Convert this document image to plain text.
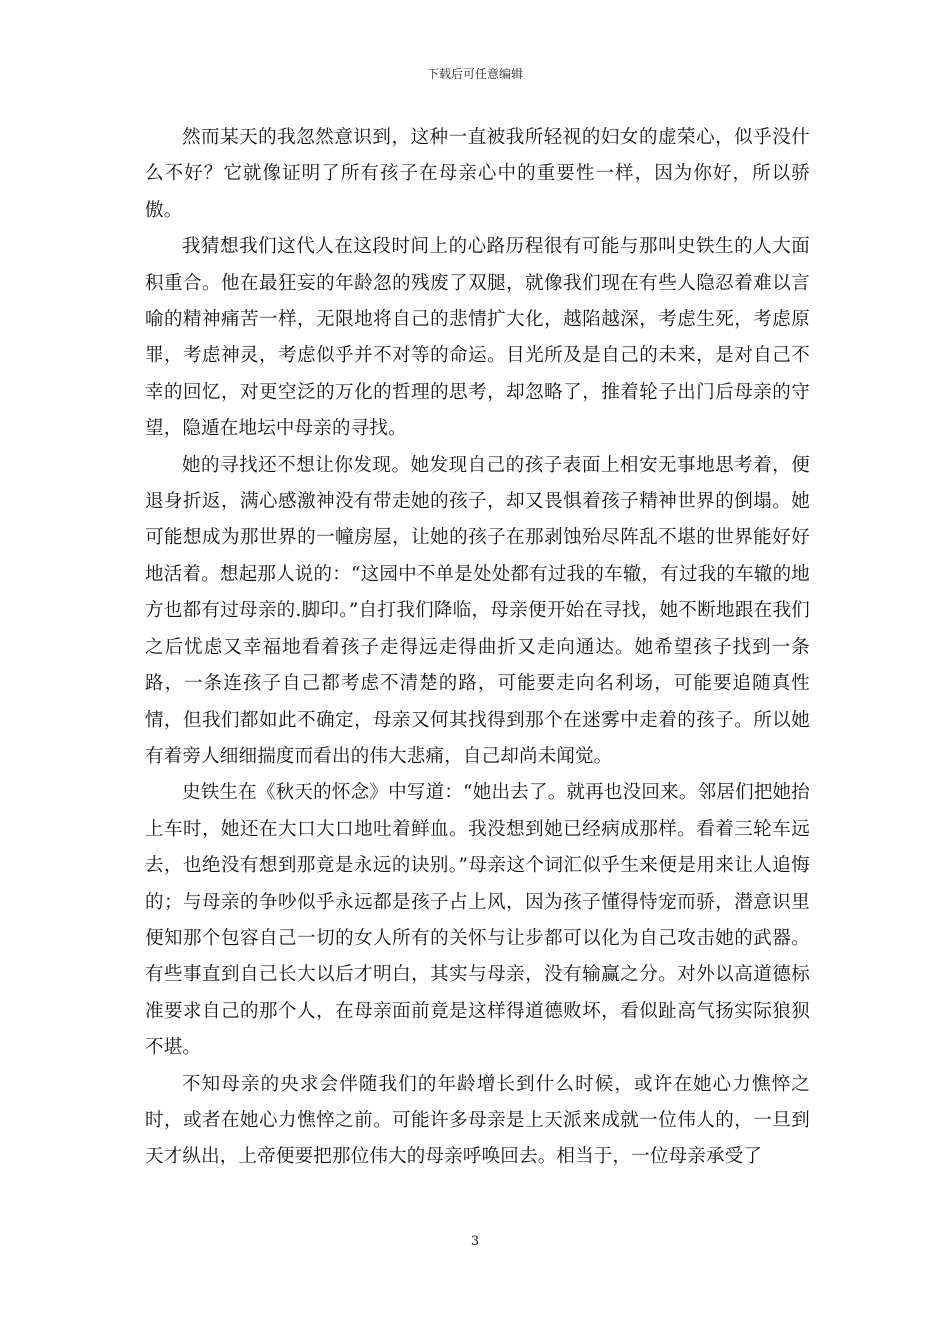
下载后可任意编辑

然而某天的我忽然意识到，这种一直被我所轻视的妇女的虚荣心，似乎没什么不好？它就像证明了所有孩子在母亲心中的重要性一样，因为你好，所以骄傲。

我猜想我们这代人在这段时间上的心路历程很有可能与那叫史铁生的人大面积重合。他在最狂妄的年龄忽的残废了双腿，就像我们现在有些人隐忍着难以言喻的精神痛苦一样，无限地将自己的悲情扩大化，越陷越深，考虑生死，考虑原罪，考虑神灵，考虑似乎并不对等的命运。目光所及是自己的未来，是对自己不幸的回忆，对更空泛的万化的哲理的思考，却忽略了，推着轮子出门后母亲的守望，隐遁在地坛中母亲的寻找。

她的寻找还不想让你发现。她发现自己的孩子表面上相安无事地思考着，便退身折返，满心感激神没有带走她的孩子，却又畏惧着孩子精神世界的倒塌。她可能想成为那世界的一幢房屋，让她的孩子在那剥蚀殆尽阵乱不堪的世界能好好地活着。想起那人说的：“这园中不单是处处都有过我的车辙，有过我的车辙的地方也都有过母亲的.脚印。”自打我们降临，母亲便开始在寻找，她不断地跟在我们之后忧虑又幸福地看着孩子走得远走得曲折又走向通达。她希望孩子找到一条路，一条连孩子自己都考虑不清楚的路，可能要走向名利场，可能要追随真性情，但我们都如此不确定，母亲又何其找得到那个在迷雾中走着的孩子。所以她有着旁人细细揣度而看出的伟大悲痛，自己却尚未闻觉。

史铁生在《秋天的怀念》中写道：“她出去了。就再也没回来。邻居们把她抬上车时，她还在大口大口地吐着鲜血。我没想到她已经病成那样。看着三轮车远去，也绝没有想到那竟是永远的诀别。”母亲这个词汇似乎生来便是用来让人追悔的；与母亲的争吵似乎永远都是孩子占上风，因为孩子懂得恃宠而骄，潜意识里便知那个包容自己一切的女人所有的关怀与让步都可以化为自己攻击她的武器。有些事直到自己长大以后才明白，其实与母亲，没有输赢之分。对外以高道德标准要求自己的那个人，在母亲面前竟是这样得道德败坏，看似趾高气扬实际狼狈不堪。

不知母亲的央求会伴随我们的年龄增长到什么时候，或许在她心力憔悴之时，或者在她心力憔悴之前。可能许多母亲是上天派来成就一位伟人的，一旦到天才纵出，上帝便要把那位伟大的母亲呼唤回去。相当于，一位母亲承受了

3
